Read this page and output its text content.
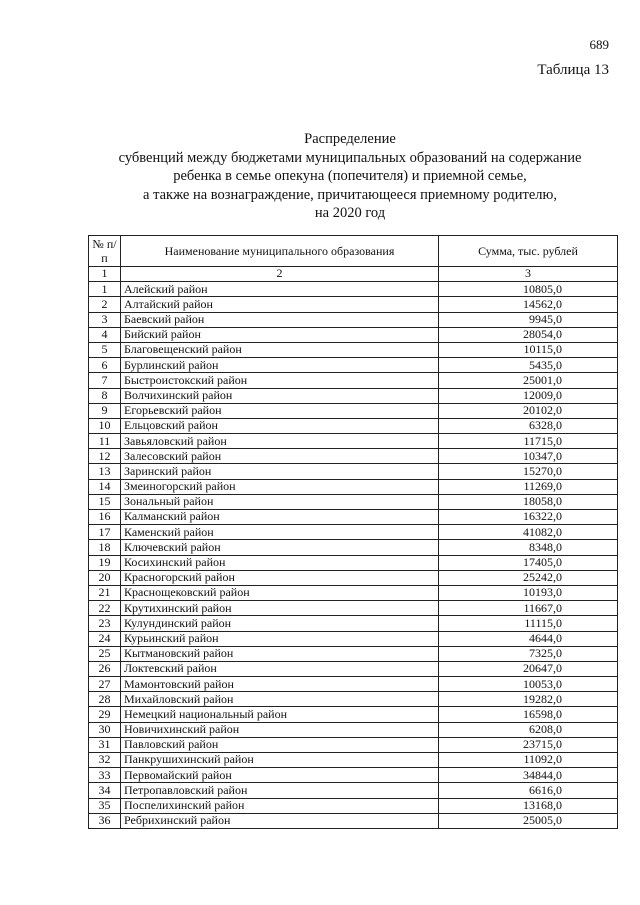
689
Таблица 13
Распределение
субвенций между бюджетами муниципальных образований на содержание
ребенка в семье опекуна (попечителя) и приемной семье,
а также на вознаграждение, причитающееся приемному родителю,
на 2020 год
№ п/п	Наименование муниципального образования	Сумма, тыс. рублей
1	2	3
1	Алейский район	10805,0
2	Алтайский район	14562,0
3	Баевский район	9945,0
4	Бийский район	28054,0
5	Благовещенский район	10115,0
6	Бурлинский район	5435,0
7	Быстроистокский район	25001,0
8	Волчихинский район	12009,0
9	Егорьевский район	20102,0
10	Ельцовский район	6328,0
11	Завьяловский район	11715,0
12	Залесовский район	10347,0
13	Заринский район	15270,0
14	Змеиногорский район	11269,0
15	Зональный район	18058,0
16	Калманский район	16322,0
17	Каменский район	41082,0
18	Ключевский район	8348,0
19	Косихинский район	17405,0
20	Красногорский район	25242,0
21	Краснощековский район	10193,0
22	Крутихинский район	11667,0
23	Кулундинский район	11115,0
24	Курьинский район	4644,0
25	Кытмановский район	7325,0
26	Локтевский район	20647,0
27	Мамонтовский район	10053,0
28	Михайловский район	19282,0
29	Немецкий национальный район	16598,0
30	Новичихинский район	6208,0
31	Павловский район	23715,0
32	Панкрушихинский район	11092,0
33	Первомайский район	34844,0
34	Петропавловский район	6616,0
35	Поспелихинский район	13168,0
36	Ребрихинский район	25005,0
